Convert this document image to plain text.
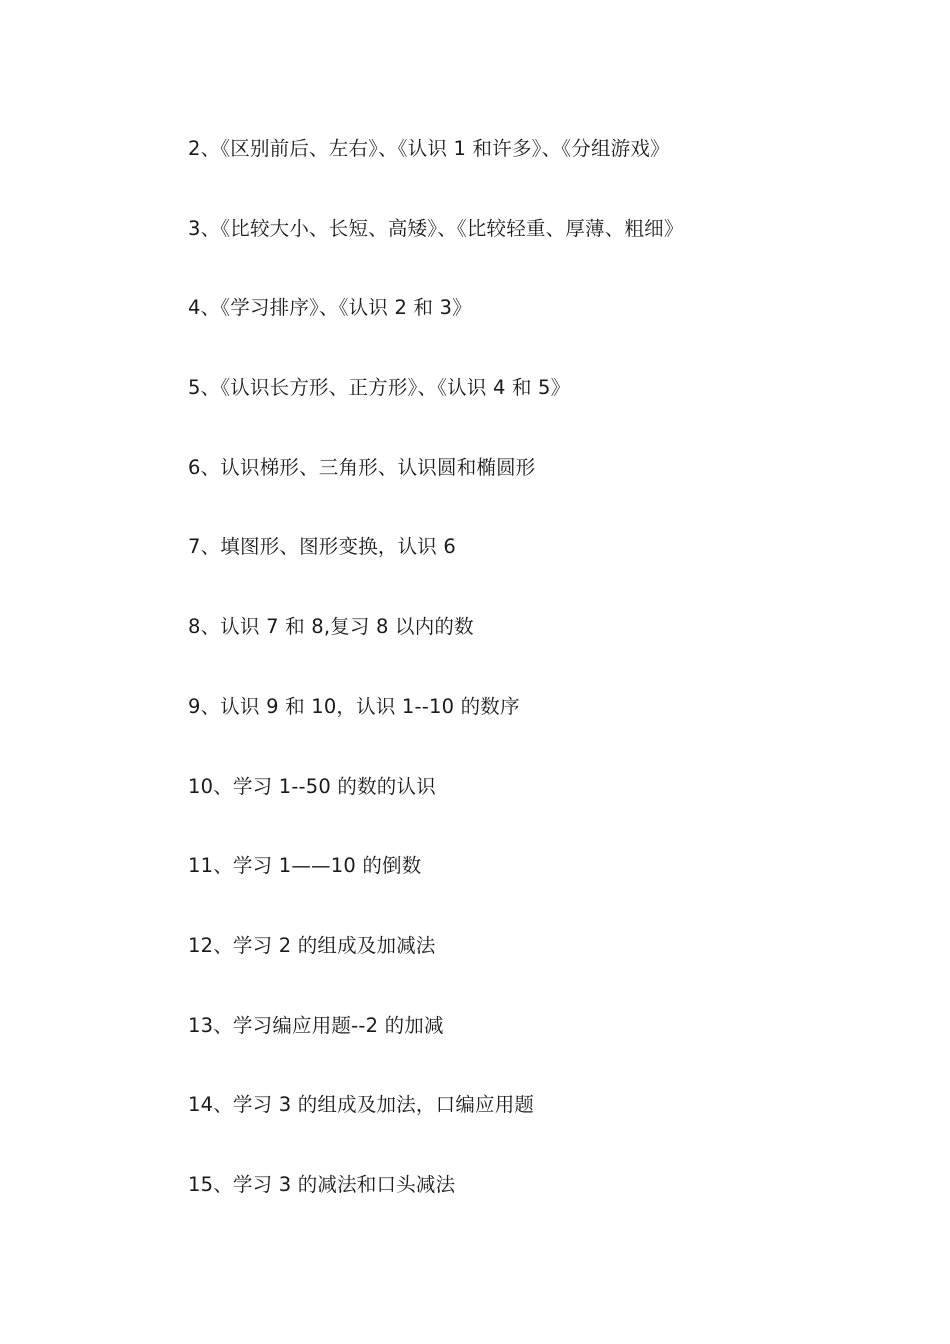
2、《区别前后、左右》、《认识 1 和许多》、《分组游戏》
3、《比较大小、长短、高矮》、《比较轻重、厚薄、粗细》
4、《学习排序》、《认识 2 和 3》
5、《认识长方形、正方形》、《认识 4 和 5》
6、认识梯形、三角形、认识圆和椭圆形
7、填图形、图形变换，认识 6
8、认识 7 和 8,复习 8 以内的数
9、认识 9 和 10，认识 1--10 的数序
10、学习 1--50 的数的认识
11、学习 1——10 的倒数
12、学习 2 的组成及加减法
13、学习编应用题--2 的加减
14、学习 3 的组成及加法，口编应用题
15、学习 3 的减法和口头减法
